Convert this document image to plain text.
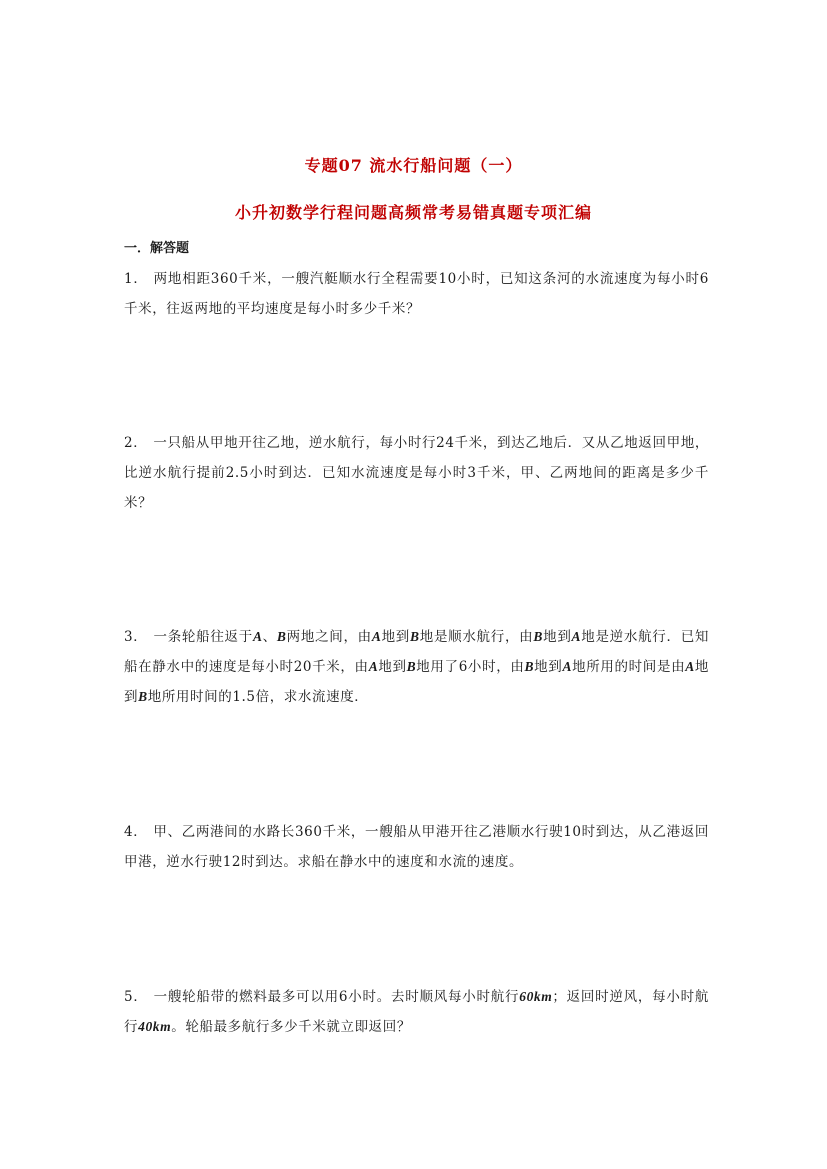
专题07 流水行船问题（一）
小升初数学行程问题高频常考易错真题专项汇编
一．解答题
1． 两地相距360千米，一艘汽艇顺水行全程需要10小时，已知这条河的水流速度为每小时6千米，往返两地的平均速度是每小时多少千米？
2． 一只船从甲地开往乙地，逆水航行，每小时行24千米，到达乙地后．又从乙地返回甲地，比逆水航行提前2.5小时到达．已知水流速度是每小时3千米，甲、乙两地间的距离是多少千米？
3． 一条轮船往返于A、B两地之间，由A地到B地是顺水航行，由B地到A地是逆水航行．已知船在静水中的速度是每小时20千米，由A地到B地用了6小时，由B地到A地所用的时间是由A地到B地所用时间的1.5倍，求水流速度．
4． 甲、乙两港间的水路长360千米，一艘船从甲港开往乙港顺水行驶10时到达，从乙港返回甲港，逆水行驶12时到达。求船在静水中的速度和水流的速度。
5． 一艘轮船带的燃料最多可以用6小时。去时顺风每小时航行60km；返回时逆风，每小时航行40km。轮船最多航行多少千米就立即返回？
